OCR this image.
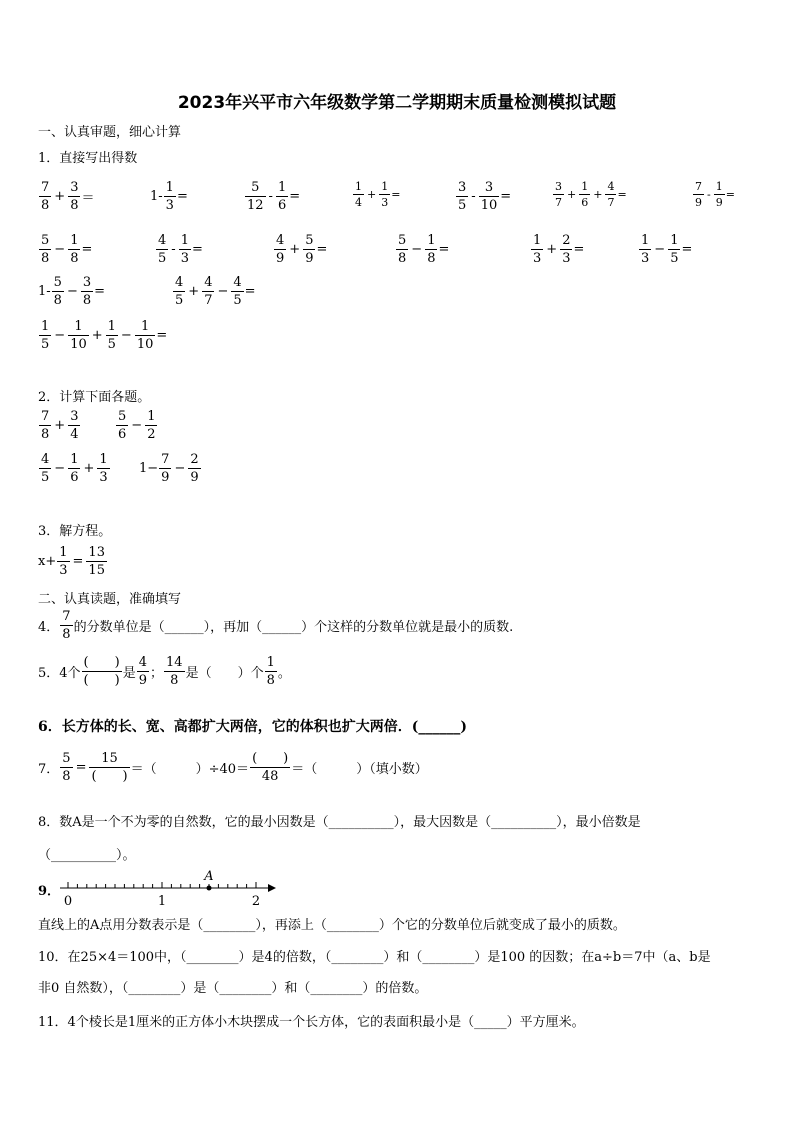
2023年兴平市六年级数学第二学期期末质量检测模拟试题
一、认真审题，细心计算
1．直接写出得数
$\frac{7}{8} + \frac{3}{8}$ ＝	$1- \frac{1}{3}$ =	$\frac{5}{12} - \frac{1}{6}$ =	$\frac{1}{4} + \frac{1}{3}$ =	$\frac{3}{5} - \frac{3}{10}$ =	$\frac{3}{7} + \frac{1}{6} + \frac{4}{7}$ =	$\frac{7}{9} - \frac{1}{9}$ =
$\frac{5}{8} - \frac{1}{8}$ =	$\frac{4}{5} - \frac{1}{3}$ =	$\frac{4}{9} + \frac{5}{9}$ =	$\frac{5}{8} - \frac{1}{8}$ =	$\frac{1}{3} + \frac{2}{3}$ =	$\frac{1}{3} - \frac{1}{5}$ =
$1- \frac{5}{8} - \frac{3}{8}$ =	$\frac{4}{5} + \frac{4}{7} - \frac{4}{5}$ =
$\frac{1}{5} - \frac{1}{10} + \frac{1}{5} - \frac{1}{10}$ =
2．计算下面各题。
$\frac{7}{8} + \frac{3}{4}$	$\frac{5}{6} - \frac{1}{2}$
$\frac{4}{5} - \frac{1}{6} + \frac{1}{3} 1- \frac{7}{9} - \frac{2}{9}$
3．解方程。
$x+ \frac{1}{3} = \frac{13}{15}$
二、认真读题，准确填写
4． $\frac{7}{8}$ 的分数单位是（______），再加（______）个这样的分数单位就是最小的质数.
5．4个 $\frac{( )}{( )}$ 是 $\frac{4}{9}$ ； $\frac{14}{8}$ 是（　　）个 $\frac{1}{8}$ 。
6．长方体的长、宽、高都扩大两倍，它的体积也扩大两倍．(______)
7． $\frac{5}{8} = \frac{15}{( )}$ ＝（　　　）$\div 40= \frac{( )}{48}$ ＝（　　　）（填小数）
8．数A是一个不为零的自然数，它的最小因数是（__________），最大因数是（__________），最小倍数是
（__________）。
9．
0	1	2
A
直线上的A点用分数表示是（________），再添上（________）个它的分数单位后就变成了最小的质数。
10．在25×4＝100中，（________）是4的倍数，（________）和（________）是100 的因数；在a÷b＝7中（a、b是
非0 自然数），（________）是（________）和（________）的倍数。
11．4个棱长是1厘米的正方体小木块摆成一个长方体，它的表面积最小是（_____）平方厘米。
